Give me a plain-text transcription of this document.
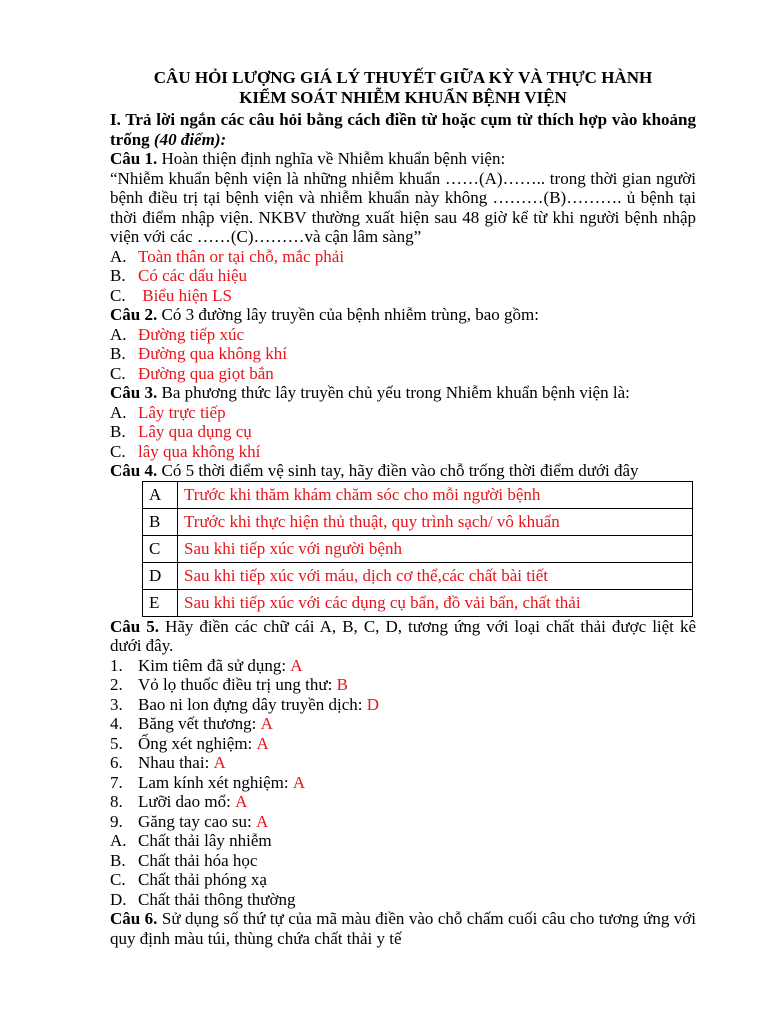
CÂU HỎI LƯỢNG GIÁ LÝ THUYẾT GIỮA KỲ VÀ THỰC HÀNH

KIỂM SOÁT NHIỄM KHUẨN BỆNH VIỆN

I. Trả lời ngắn các câu hỏi bằng cách điền từ hoặc cụm từ thích hợp vào khoảng trống (40 điểm):

Câu 1. Hoàn thiện định nghĩa về Nhiễm khuẩn bệnh viện:

“Nhiễm khuẩn bệnh viện là những nhiễm khuẩn ……(A)…….. trong thời gian người bệnh điều trị tại bệnh viện và nhiễm khuẩn này không ………(B)………. ủ bệnh tại thời điểm nhập viện. NKBV thường xuất hiện sau 48 giờ kể từ khi người bệnh nhập viện với các ……(C)………và cận lâm sàng”

A. Toàn thân or tại chỗ, mắc phải
B. Có các dấu hiệu
C. Biểu hiện LS

Câu 2. Có 3 đường lây truyền của bệnh nhiễm trùng, bao gồm:

A. Đường tiếp xúc
B. Đường qua không khí
C. Đường qua giọt bắn

Câu 3. Ba phương thức lây truyền chủ yếu trong Nhiễm khuẩn bệnh viện là:

A. Lây trực tiếp
B. Lây qua dụng cụ
C. lây qua không khí

Câu 4. Có 5 thời điểm vệ sinh tay, hãy điền vào chỗ trống thời điểm dưới đây

A	Trước khi thăm khám chăm sóc cho mỗi người bệnh
B	Trước khi thực hiện thủ thuật, quy trình sạch/ vô khuẩn
C	Sau khi tiếp xúc với người bệnh
D	Sau khi tiếp xúc với máu, dịch cơ thể,các chất bài tiết
E	Sau khi tiếp xúc với các dụng cụ bẩn, đồ vải bẩn, chất thải

Câu 5. Hãy điền các chữ cái A, B, C, D, tương ứng với loại chất thải được liệt kê dưới đây.

1. Kim tiêm đã sử dụng: A
2. Vỏ lọ thuốc điều trị ung thư: B
3. Bao ni lon đựng dây truyền dịch: D
4. Băng vết thương: A
5. Ống xét nghiệm: A
6. Nhau thai: A
7. Lam kính xét nghiệm: A
8. Lưỡi dao mổ: A
9. Găng tay cao su: A
A. Chất thải lây nhiễm
B. Chất thải hóa học
C. Chất thải phóng xạ
D. Chất thải thông thường

Câu 6. Sử dụng số thứ tự của mã màu điền vào chỗ chấm cuối câu cho tương ứng với quy định màu túi, thùng chứa chất thải y tế
